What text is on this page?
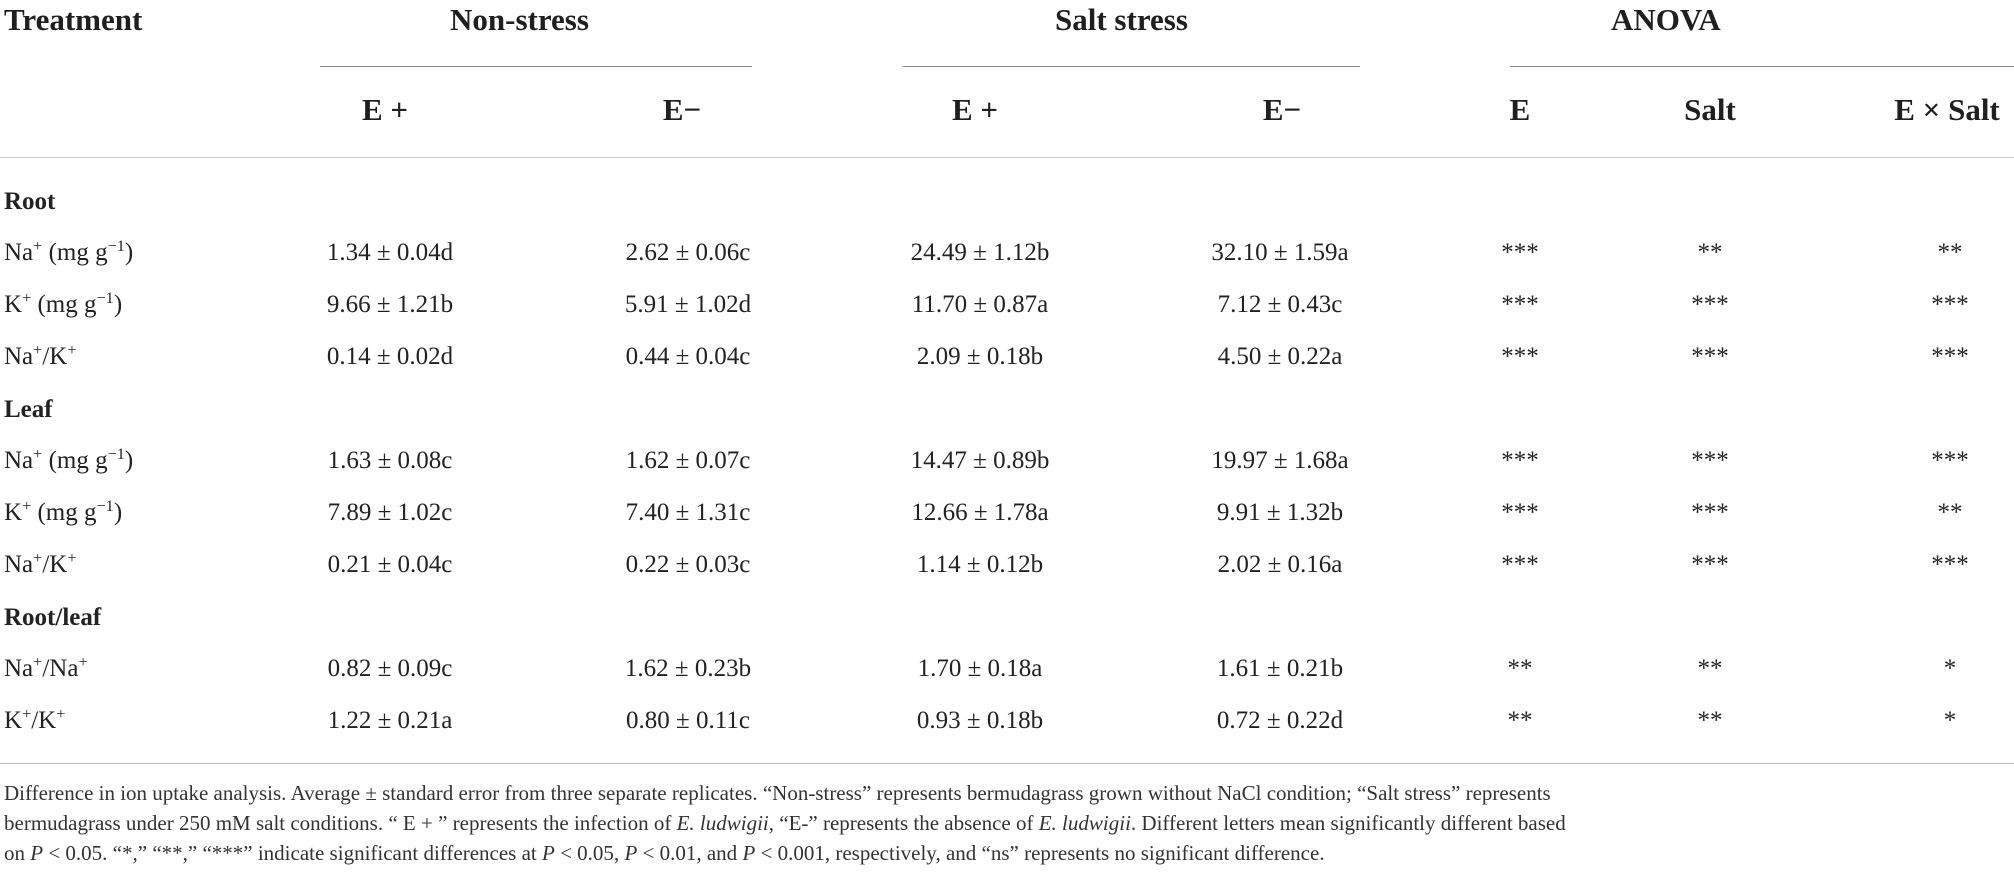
Treatment	Non-stress	Salt stress	ANOVA
E +	E−	E +	E−	E	Salt	E × Salt
Root
Na+ (mg $g^{-1}$)	1.34 ± 0.04d	2.62 ± 0.06c	24.49 ± 1.12b	32.10 ± 1.59a	***	**	**
K+ (mg $g^{-1}$)	9.66 ± 1.21b	5.91 ± 1.02d	11.70 ± 0.87a	7.12 ± 0.43c	***	***	***
Na+/K+	0.14 ± 0.02d	0.44 ± 0.04c	2.09 ± 0.18b	4.50 ± 0.22a	***	***	***
Leaf
Na+ (mg $g^{-1}$)	1.63 ± 0.08c	1.62 ± 0.07c	14.47 ± 0.89b	19.97 ± 1.68a	***	***	***
K+ (mg $g^{-1}$)	7.89 ± 1.02c	7.40 ± 1.31c	12.66 ± 1.78a	9.91 ± 1.32b	***	***	**
Na+/K+	0.21 ± 0.04c	0.22 ± 0.03c	1.14 ± 0.12b	2.02 ± 0.16a	***	***	***
Root/leaf
Na+/Na+	0.82 ± 0.09c	1.62 ± 0.23b	1.70 ± 0.18a	1.61 ± 0.21b	**	**	*
K+/K+	1.22 ± 0.21a	0.80 ± 0.11c	0.93 ± 0.18b	0.72 ± 0.22d	**	**	*

Difference in ion uptake analysis. Average ± standard error from three separate replicates. “Non-stress” represents bermudagrass grown without NaCl condition; “Salt stress” represents

bermudagrass under 250 mM salt conditions. “ E + ” represents the infection of E. ludwigii, “E-” represents the absence of E. ludwigii. Different letters mean significantly different based

on P < 0.05. “*,” “**,” “***” indicate significant differences at P < 0.05, P < 0.01, and P < 0.001, respectively, and “ns” represents no significant difference.
